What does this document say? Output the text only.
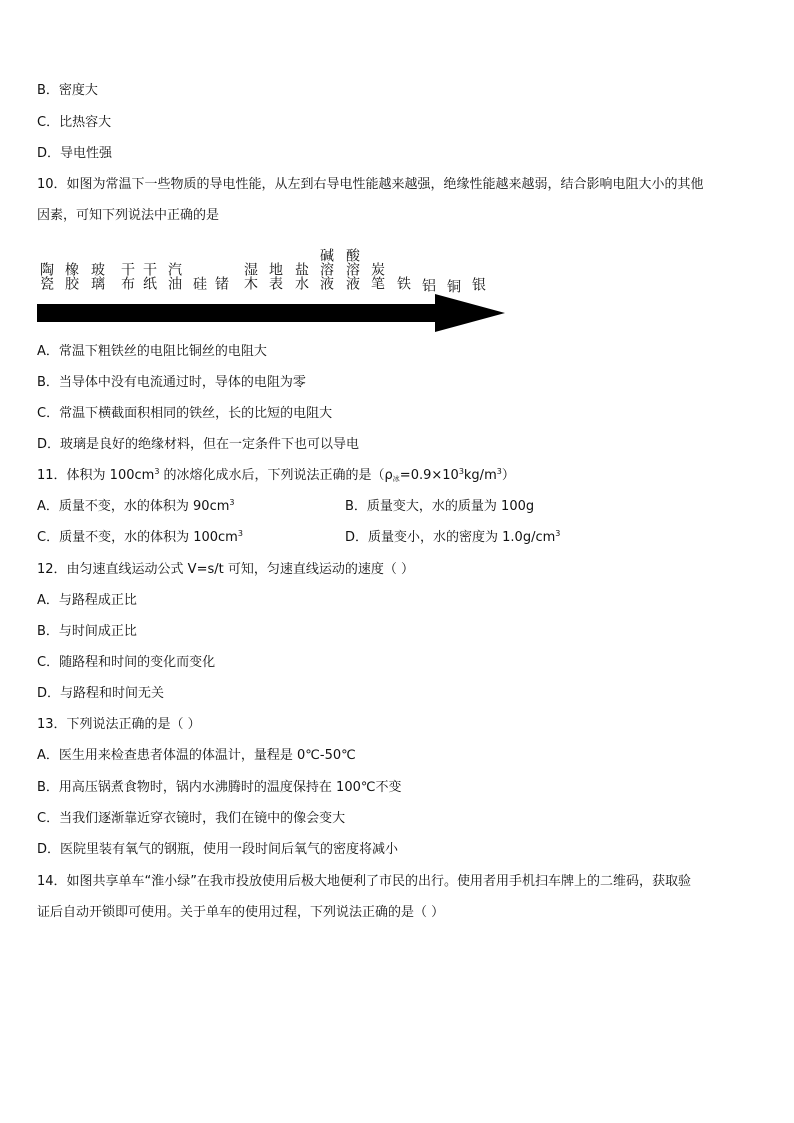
B．密度大
C．比热容大
D．导电性强
10．如图为常温下一些物质的导电性能，从左到右导电性能越来越强，绝缘性能越来越弱，结合影响电阻大小的其他
因素，可知下列说法中正确的是
陶瓷 橡胶 玻璃 干布 干纸 汽油 硅 锗 湿木 地表 盐水 碱溶液 酸溶液 炭笔 铁 铝 铜 银
A．常温下粗铁丝的电阻比铜丝的电阻大
B．当导体中没有电流通过时，导体的电阻为零
C．常温下横截面积相同的铁丝，长的比短的电阻大
D．玻璃是良好的绝缘材料，但在一定条件下也可以导电
11．体积为 $100cm^3$ 的冰熔化成水后，下列说法正确的是$(\rho_冰=0.9\times 10^3kg/m^3)$
A．质量不变，水的体积为 $90cm^3$	B．质量变大，水的质量为 100g
C．质量不变，水的体积为 $100cm^3$	D．质量变小，水的密度为 $1.0g/cm^3$
12．由匀速直线运动公式 V=s/t 可知，匀速直线运动的速度（ ）
A．与路程成正比
B．与时间成正比
C．随路程和时间的变化而变化
D．与路程和时间无关
13．下列说法正确的是（ ）
A．医生用来检查患者体温的体温计，量程是 0℃-50℃
B．用高压锅煮食物时，锅内水沸腾时的温度保持在 100℃不变
C．当我们逐渐靠近穿衣镜时，我们在镜中的像会变大
D．医院里装有氧气的钢瓶，使用一段时间后氧气的密度将减小
14．如图共享单车“淮小绿”在我市投放使用后极大地便利了市民的出行。使用者用手机扫车牌上的二维码，获取验
证后自动开锁即可使用。关于单车的使用过程，下列说法正确的是（ ）
